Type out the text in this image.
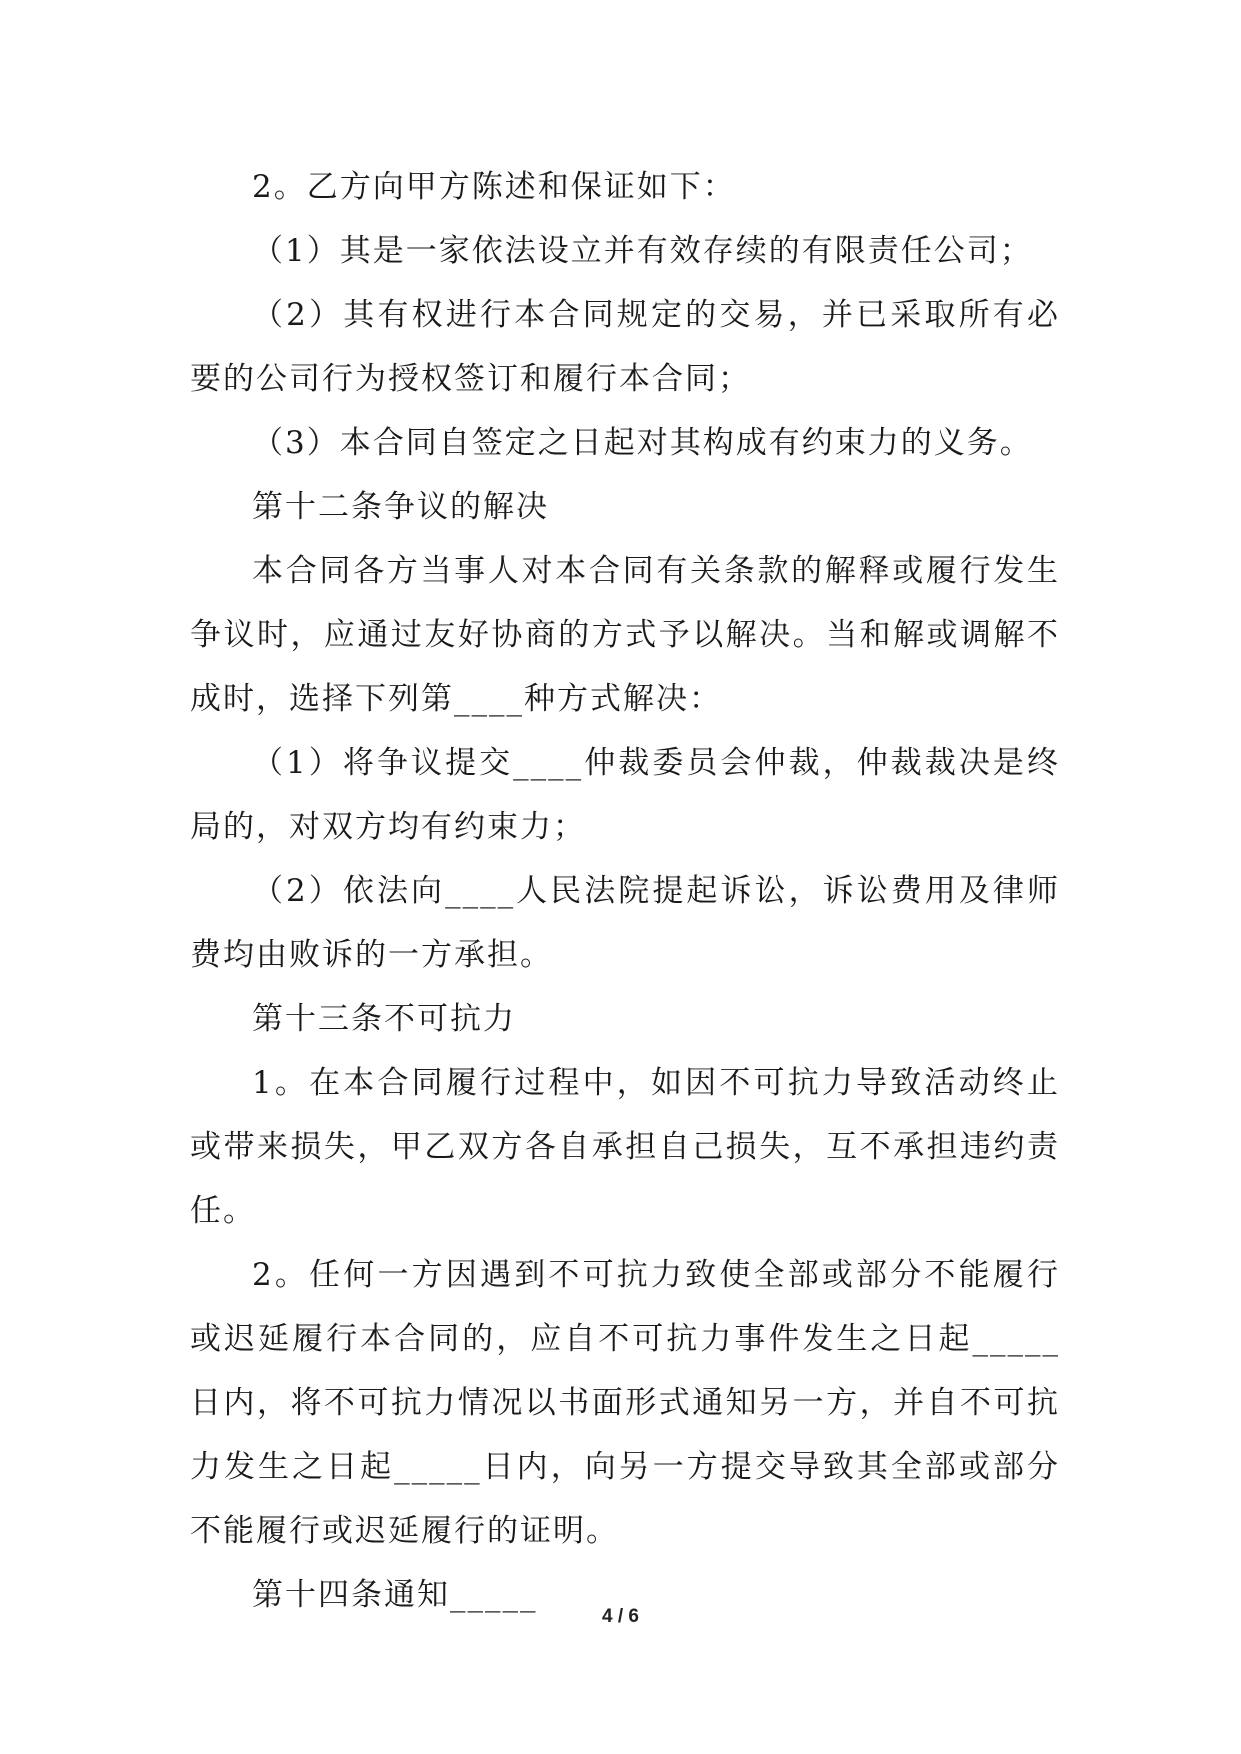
2。乙方向甲方陈述和保证如下：

（1）其是一家依法设立并有效存续的有限责任公司；

（2）其有权进行本合同规定的交易，并已采取所有必要的公司行为授权签订和履行本合同；

（3）本合同自签定之日起对其构成有约束力的义务。

第十二条争议的解决

本合同各方当事人对本合同有关条款的解释或履行发生争议时，应通过友好协商的方式予以解决。当和解或调解不成时，选择下列第____种方式解决：

（1）将争议提交____仲裁委员会仲裁，仲裁裁决是终局的，对双方均有约束力；

（2）依法向____人民法院提起诉讼，诉讼费用及律师费均由败诉的一方承担。

第十三条不可抗力

1。在本合同履行过程中，如因不可抗力导致活动终止或带来损失，甲乙双方各自承担自己损失，互不承担违约责任。

2。任何一方因遇到不可抗力致使全部或部分不能履行或迟延履行本合同的，应自不可抗力事件发生之日起_____日内，将不可抗力情况以书面形式通知另一方，并自不可抗力发生之日起_____日内，向另一方提交导致其全部或部分不能履行或迟延履行的证明。

第十四条通知_____

4 / 6
